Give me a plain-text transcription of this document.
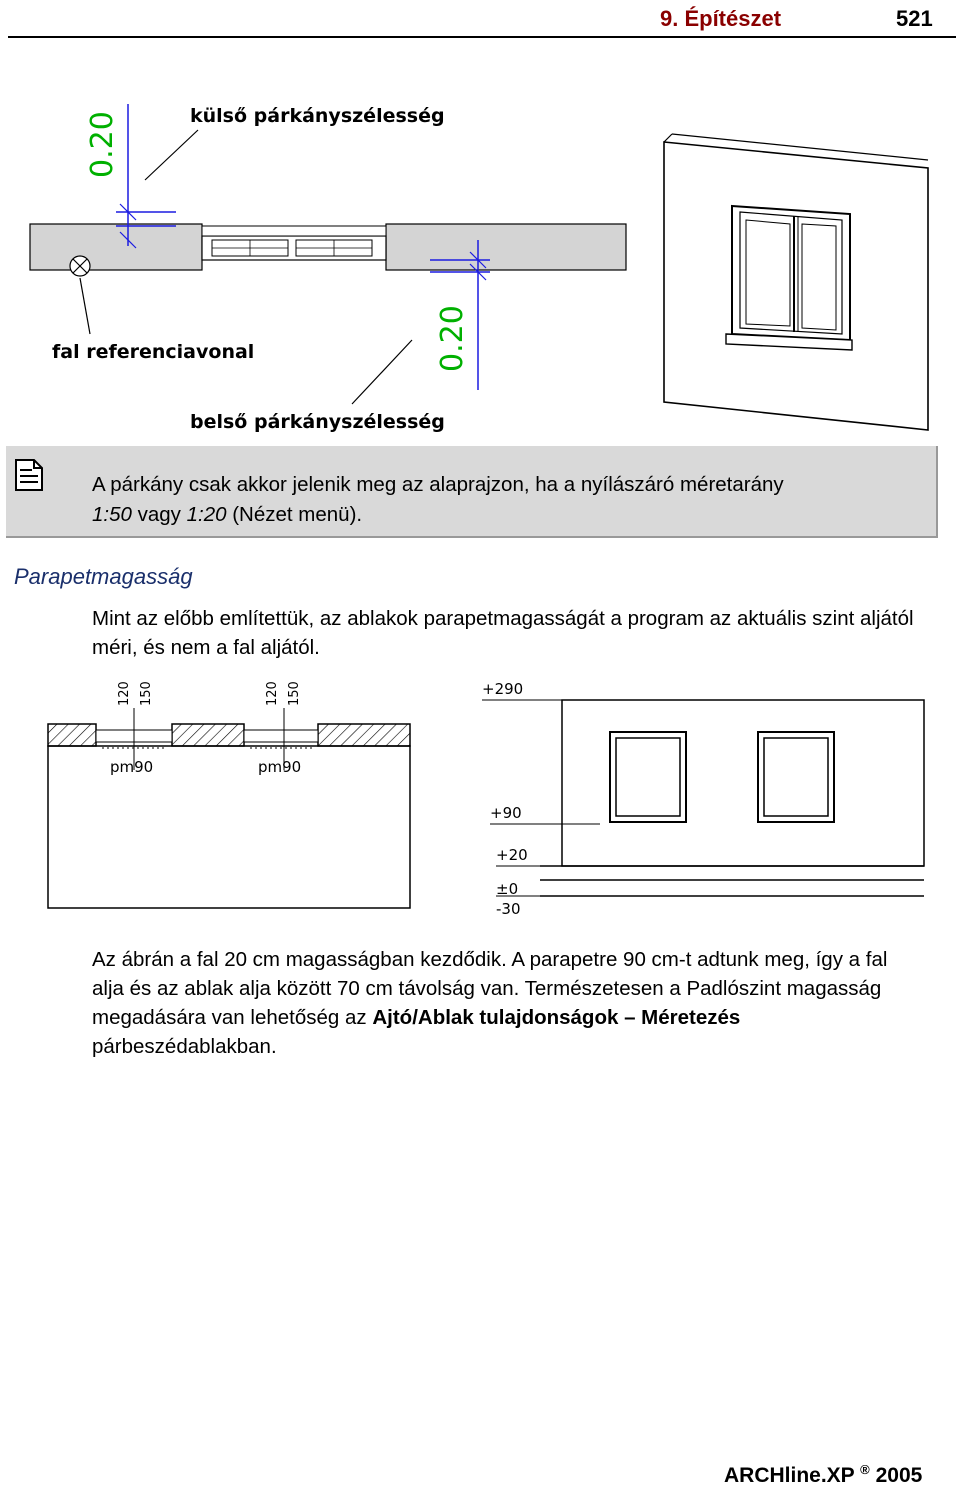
9. Építészet	521
0.20
0.20
külső párkányszélesség
fal referenciavonal
belső párkányszélesség
A párkány csak akkor jelenik meg az alaprajzon, ha a nyílászáró méretarány
1:50 vagy 1:20 (Nézet menü).
Parapetmagasság
Mint az előbb említettük, az ablakok parapetmagasságát a program az aktuális szint aljától méri, és nem a fal aljától.
120 150	120 150
pm90	pm90
+290
+90
+20
±0
-30
Az ábrán a fal 20 cm magasságban kezdődik. A parapetre 90 cm-t adtunk meg, így a fal alja és az ablak alja között 70 cm távolság van. Természetesen a Padlószint magasság megadására van lehetőség az Ajtó/Ablak tulajdonságok – Méretezés párbeszédablakban.
ARCHline.XP ® 2005
